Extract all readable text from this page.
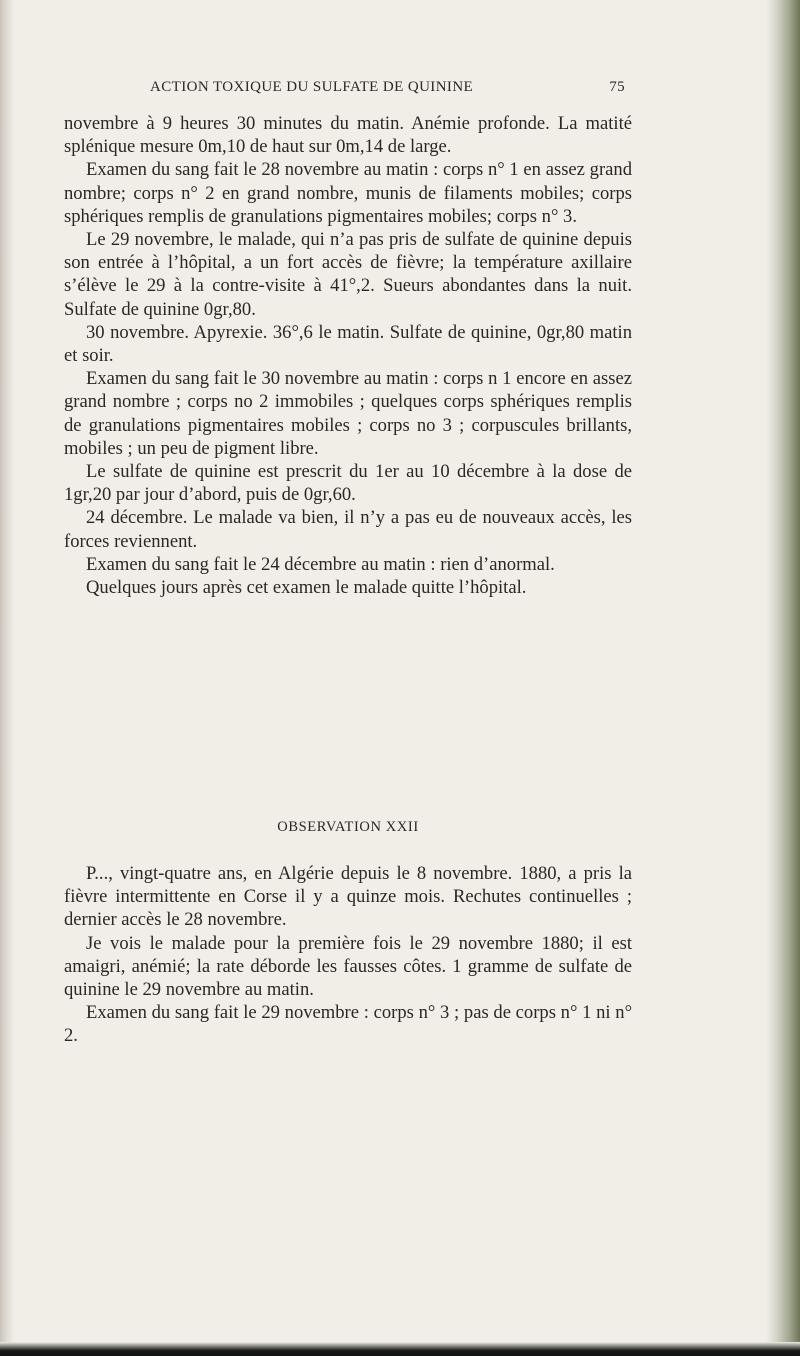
ACTION TOXIQUE DU SULFATE DE QUININE	75

novembre à 9 heures 30 minutes du matin. Anémie profonde. La matité splénique mesure 0m,10 de haut sur 0m,14 de large.

Examen du sang fait le 28 novembre au matin : corps n° 1 en assez grand nombre; corps n° 2 en grand nombre, munis de filaments mobiles; corps sphériques remplis de granulations pigmentaires mobiles; corps n° 3.

Le 29 novembre, le malade, qui n’a pas pris de sulfate de quinine depuis son entrée à l’hôpital, a un fort accès de fièvre; la température axillaire s’élève le 29 à la contre-visite à 41°,2. Sueurs abondantes dans la nuit. Sulfate de quinine 0gr,80.

30 novembre. Apyrexie. 36°,6 le matin. Sulfate de quinine, 0gr,80 matin et soir.

Examen du sang fait le 30 novembre au matin : corps n 1 encore en assez grand nombre ; corps no 2 immobiles ; quelques corps sphériques remplis de granulations pigmentaires mobiles ; corps no 3 ; corpuscules brillants, mobiles ; un peu de pigment libre.

Le sulfate de quinine est prescrit du 1er au 10 décembre à la dose de 1gr,20 par jour d’abord, puis de 0gr,60.

24 décembre. Le malade va bien, il n’y a pas eu de nouveaux accès, les forces reviennent.

Examen du sang fait le 24 décembre au matin : rien d’anormal.

Quelques jours après cet examen le malade quitte l’hôpital.

OBSERVATION XXII

P..., vingt-quatre ans, en Algérie depuis le 8 novembre. 1880, a pris la fièvre intermittente en Corse il y a quinze mois. Rechutes continuelles ; dernier accès le 28 novembre.

Je vois le malade pour la première fois le 29 novembre 1880; il est amaigri, anémié; la rate déborde les fausses côtes. 1 gramme de sulfate de quinine le 29 novembre au matin.

Examen du sang fait le 29 novembre : corps n° 3 ; pas de corps n° 1 ni n° 2.
